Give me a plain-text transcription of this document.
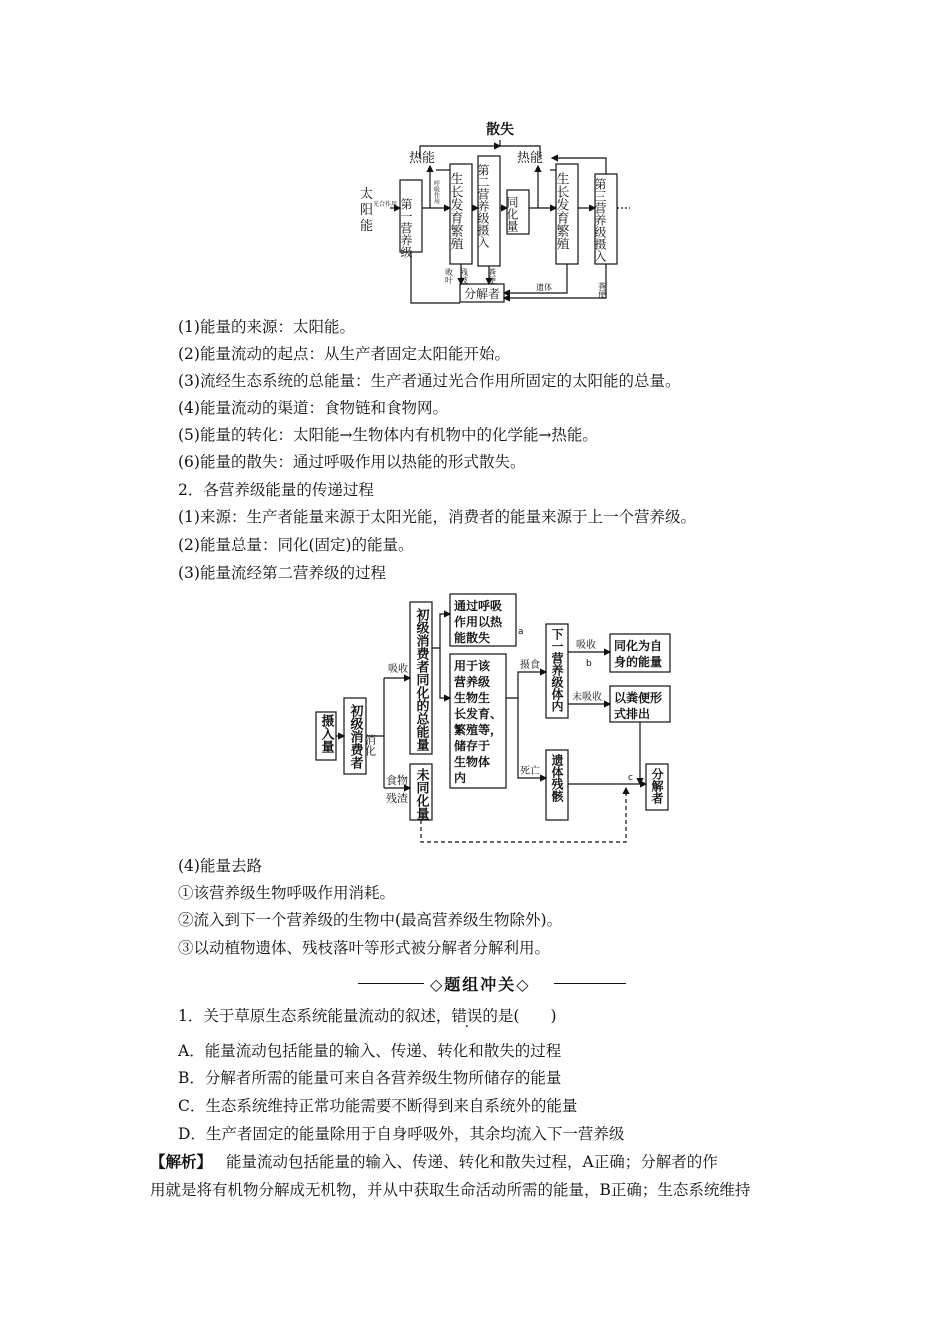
散失
热能	热能
太
阳
能
光合作用 第一营养级
呼吸作用 生长发育繁殖 第二营养级摄入 同化量	生长发育繁殖 第三营养级摄入
败叶 残枝 粪便
遗体	粪便
分解者
(1)能量的来源：太阳能。
(2)能量流动的起点：从生产者固定太阳能开始。
(3)流经生态系统的总能量：生产者通过光合作用所固定的太阳能的总量。
(4)能量流动的渠道：食物链和食物网。
(5)能量的转化：太阳能→生物体内有机物中的化学能→热能。
(6)能量的散失：通过呼吸作用以热能的形式散失。
2．各营养级能量的传递过程
(1)来源：生产者能量来源于太阳光能，消费者的能量来源于上一个营养级。
(2)能量总量：同化(固定)的能量。
(3)能量流经第二营养级的过程
摄入量 初级消费者 消化
吸收
食物
残渣
初级消费者同化的总能量
未同化量
通过呼吸
作用以热
能散失	a
用于该
营养级
生物生
长发育、
繁殖等，
储存于
生物体
内
摄食
死亡
下一营养级体内
遗体残骸
吸收
b
未吸收
同化为自
身的能量
以粪便形
式排出
c 分解者
(4)能量去路
①该营养级生物呼吸作用消耗。
②流入到下一个营养级的生物中(最高营养级生物除外)。
③以动植物遗体、残枝落叶等形式被分解者分解利用。
◇题组冲关◇
1．关于草原生态系统能量流动的叙述，错误的是(　　)
A．能量流动包括能量的输入、传递、转化和散失的过程
B．分解者所需的能量可来自各营养级生物所储存的能量
C．生态系统维持正常功能需要不断得到来自系统外的能量
D．生产者固定的能量除用于自身呼吸外，其余均流入下一营养级
【解析】 能量流动包括能量的输入、传递、转化和散失过程，A正确；分解者的作
用就是将有机物分解成无机物，并从中获取生命活动所需的能量，B正确；生态系统维持
